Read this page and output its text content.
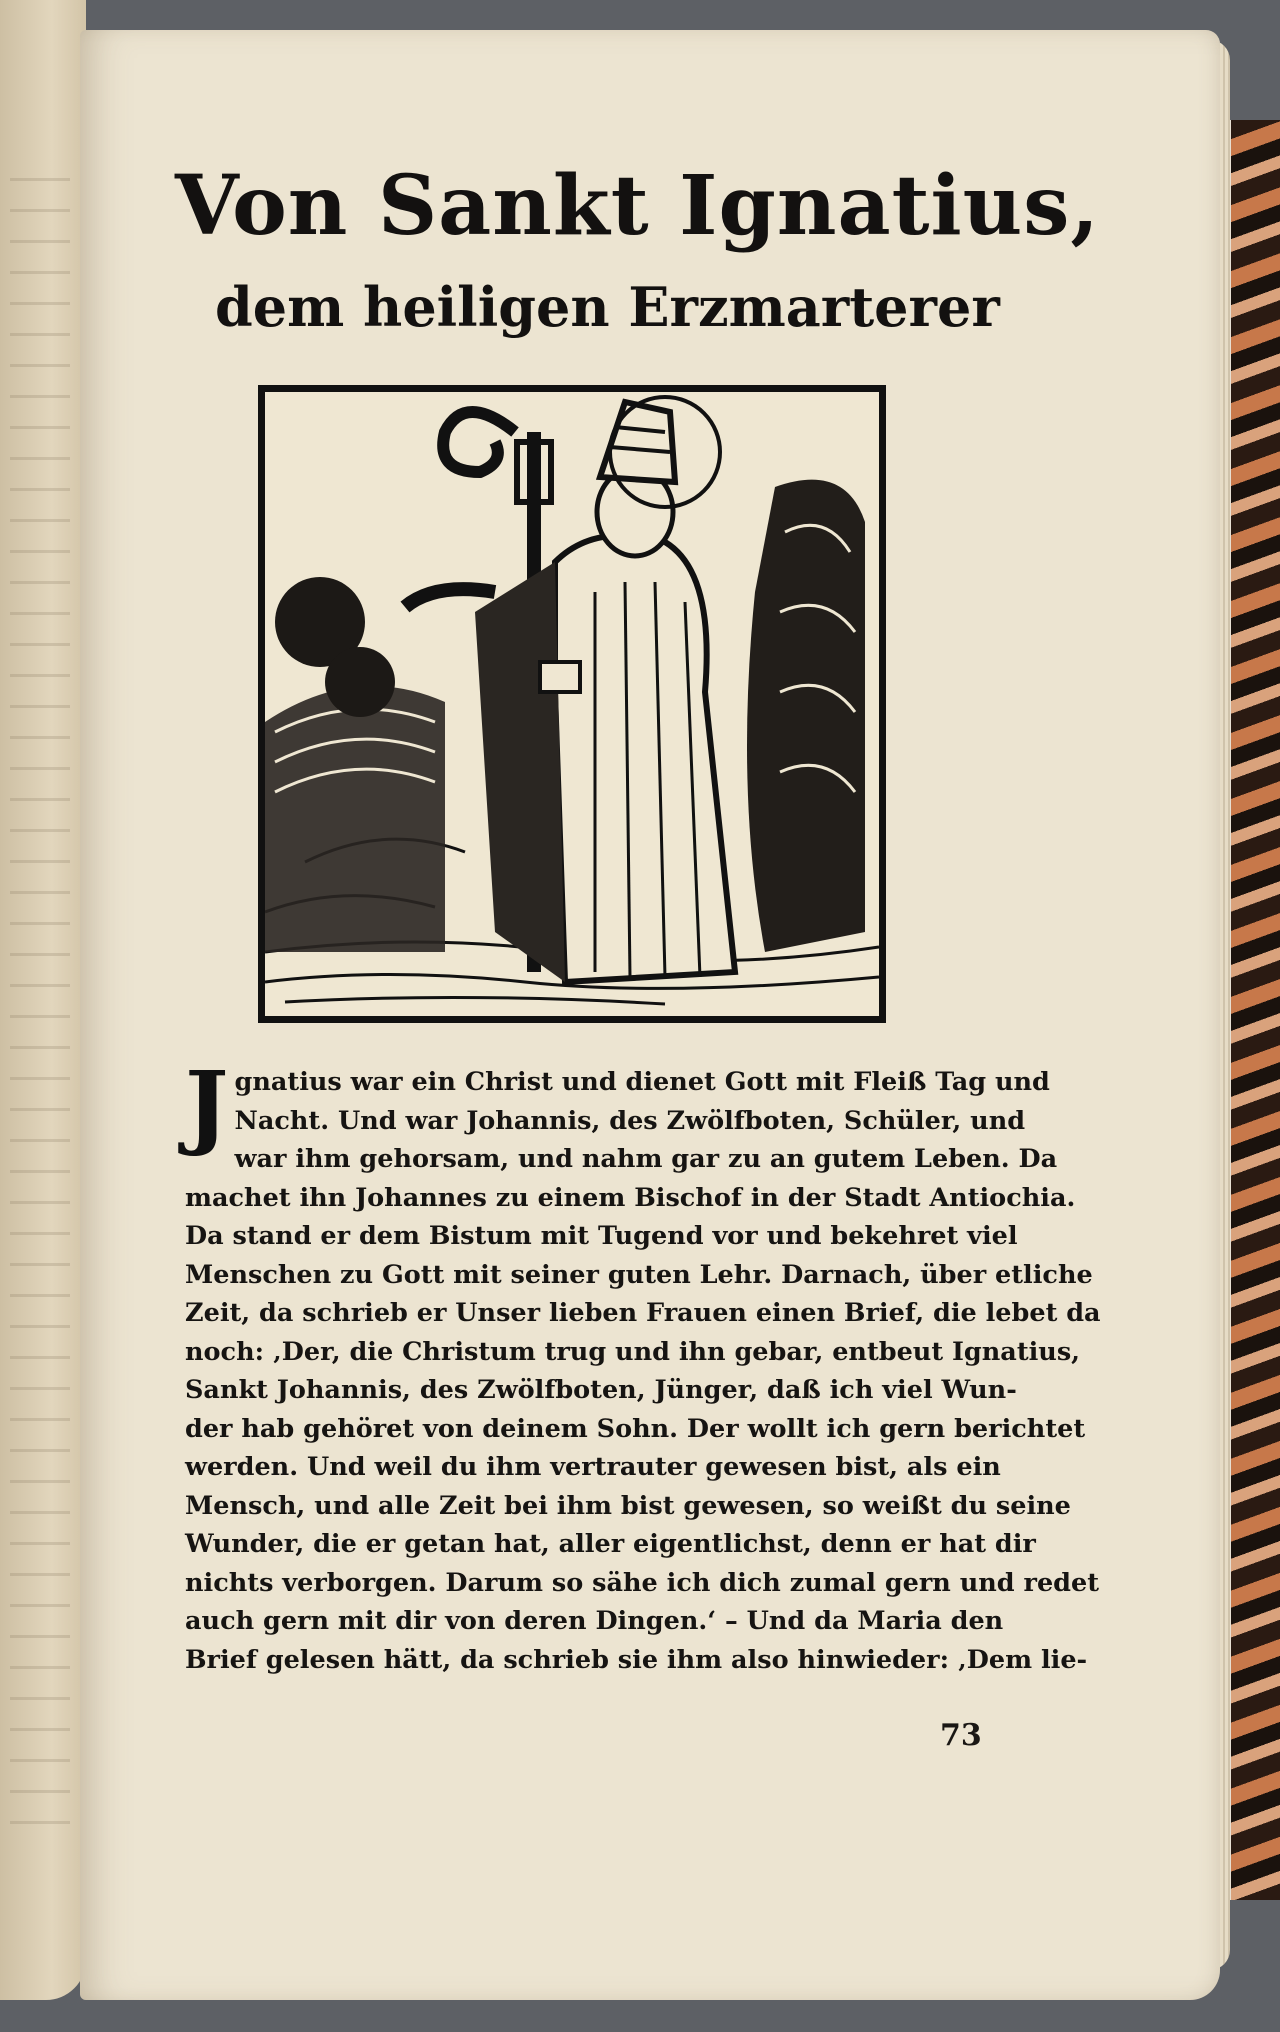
Von Sankt Ignatius,
dem heiligen Erzmarterer
J gnatius war ein Christ und dienet Gott mit Fleiß Tag und
Nacht. Und war Johannis, des Zwölfboten, Schüler, und
war ihm gehorsam, und nahm gar zu an gutem Leben. Da
machet ihn Johannes zu einem Bischof in der Stadt Antiochia.
Da stand er dem Bistum mit Tugend vor und bekehret viel
Menschen zu Gott mit seiner guten Lehr. Darnach, über etliche
Zeit, da schrieb er Unser lieben Frauen einen Brief, die lebet da
noch: ‚Der, die Christum trug und ihn gebar, entbeut Ignatius,
Sankt Johannis, des Zwölfboten, Jünger, daß ich viel Wun-
der hab gehöret von deinem Sohn. Der wollt ich gern berichtet
werden. Und weil du ihm vertrauter gewesen bist, als ein
Mensch, und alle Zeit bei ihm bist gewesen, so weißt du seine
Wunder, die er getan hat, aller eigentlichst, denn er hat dir
nichts verborgen. Darum so sähe ich dich zumal gern und redet
auch gern mit dir von deren Dingen.‘ – Und da Maria den
Brief gelesen hätt, da schrieb sie ihm also hinwieder: ‚Dem lie-
73
